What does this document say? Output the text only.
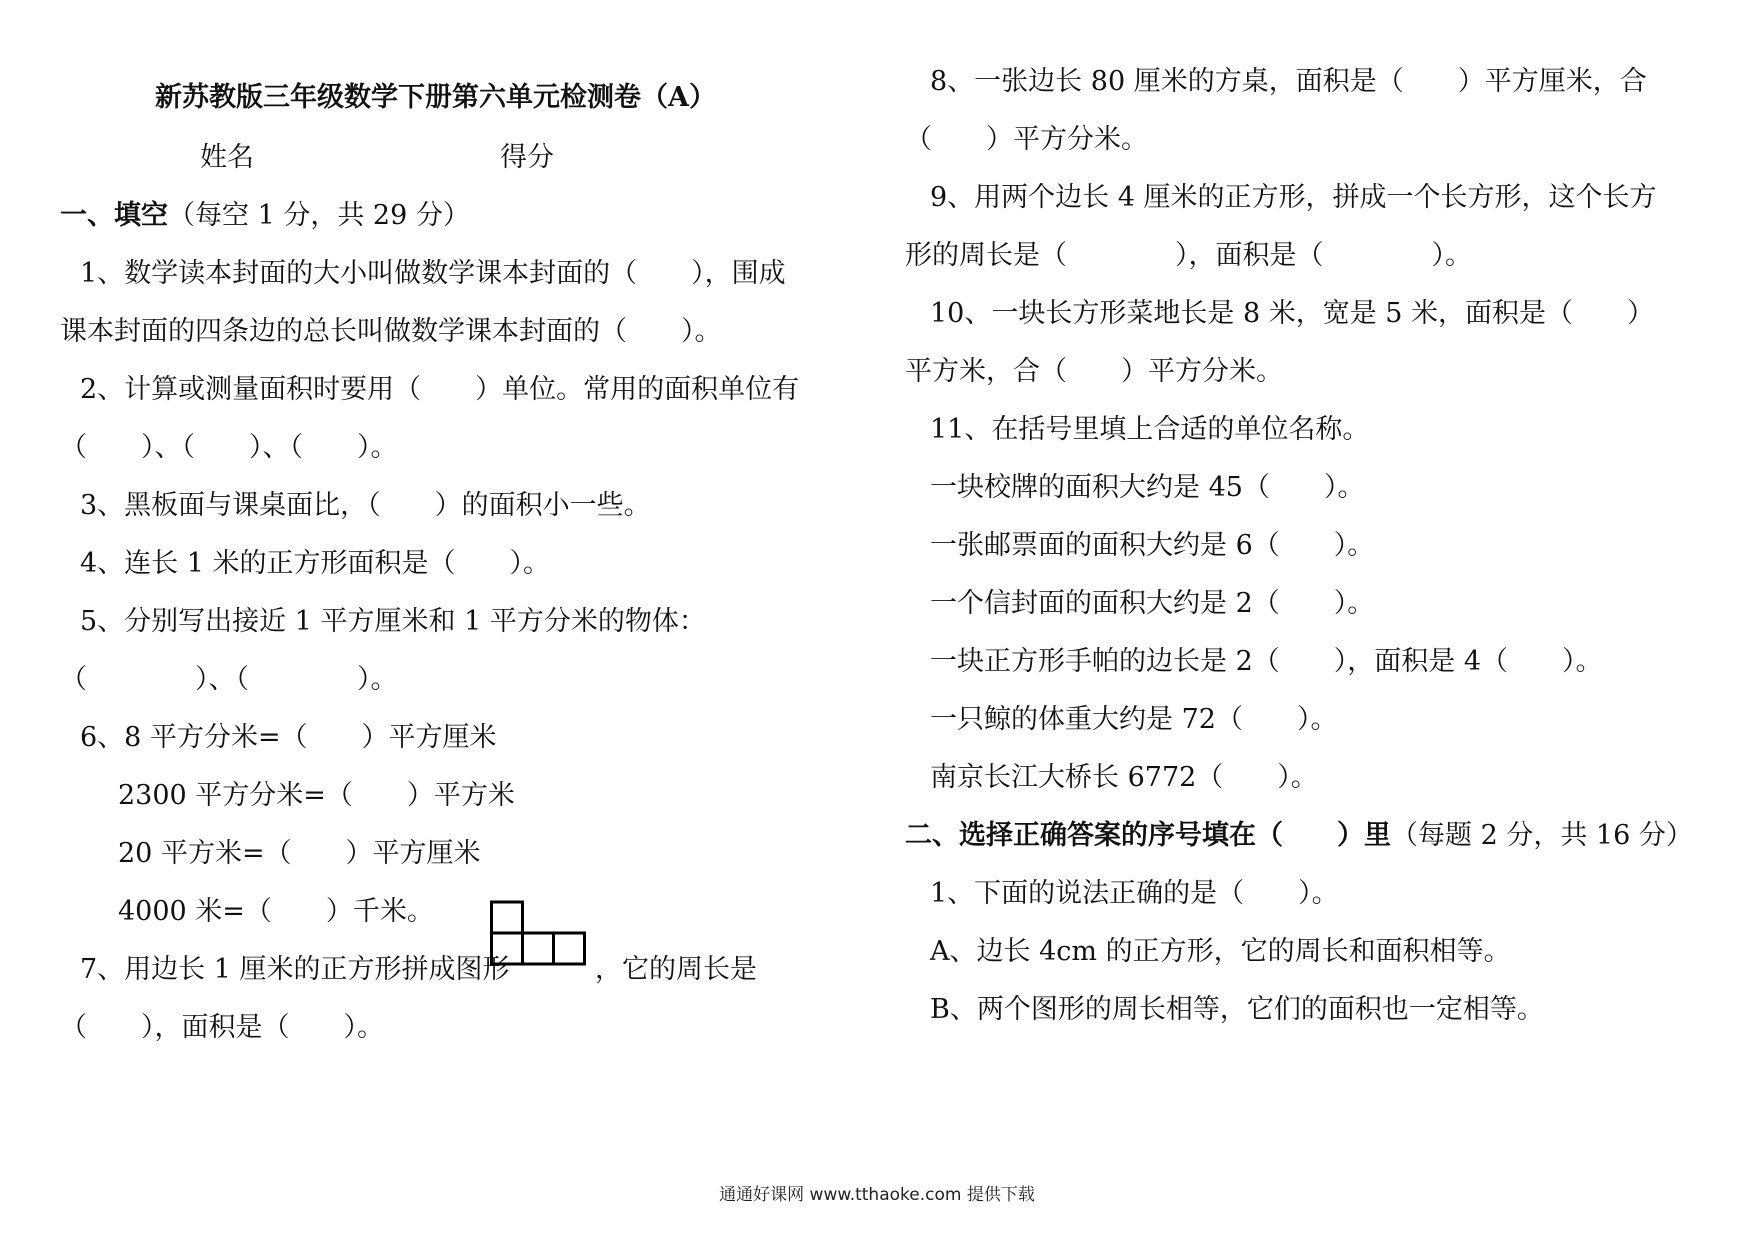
新苏教版三年级数学下册第六单元检测卷（A）
姓名	得分
一、填空（每空 1 分，共 29 分）
1、数学读本封面的大小叫做数学课本封面的（　　），围成
课本封面的四条边的总长叫做数学课本封面的（　　）。
2、计算或测量面积时要用（　　）单位。常用的面积单位有
（　　）、（　　）、（　　）。
3、黑板面与课桌面比，（　　）的面积小一些。
4、连长 1 米的正方形面积是（　　）。
5、分别写出接近 1 平方厘米和 1 平方分米的物体：
（　　　　）、（　　　　）。
6、8 平方分米=（　　）平方厘米
2300 平方分米=（　　）平方米
20 平方米=（　　）平方厘米
4000 米=（　　）千米。
7、用边长 1 厘米的正方形拼成图形	，它的周长是
（　　），面积是（　　）。
8、一张边长 80 厘米的方桌，面积是（　　）平方厘米，合
（　　）平方分米。
9、用两个边长 4 厘米的正方形，拼成一个长方形，这个长方
形的周长是（　　　　），面积是（　　　　）。
10、一块长方形菜地长是 8 米，宽是 5 米，面积是（　　）
平方米，合（　　）平方分米。
11、在括号里填上合适的单位名称。
一块校牌的面积大约是 45（　　）。
一张邮票面的面积大约是 6（　　）。
一个信封面的面积大约是 2（　　）。
一块正方形手帕的边长是 2（　　），面积是 4（　　）。
一只鲸的体重大约是 72（　　）。
南京长江大桥长 6772（　　）。
二、选择正确答案的序号填在（　　）里（每题 2 分，共 16 分）
1、下面的说法正确的是（　　）。
A、边长 4cm 的正方形，它的周长和面积相等。
B、两个图形的周长相等，它们的面积也一定相等。
通通好课网 www.tthaoke.com 提供下载
